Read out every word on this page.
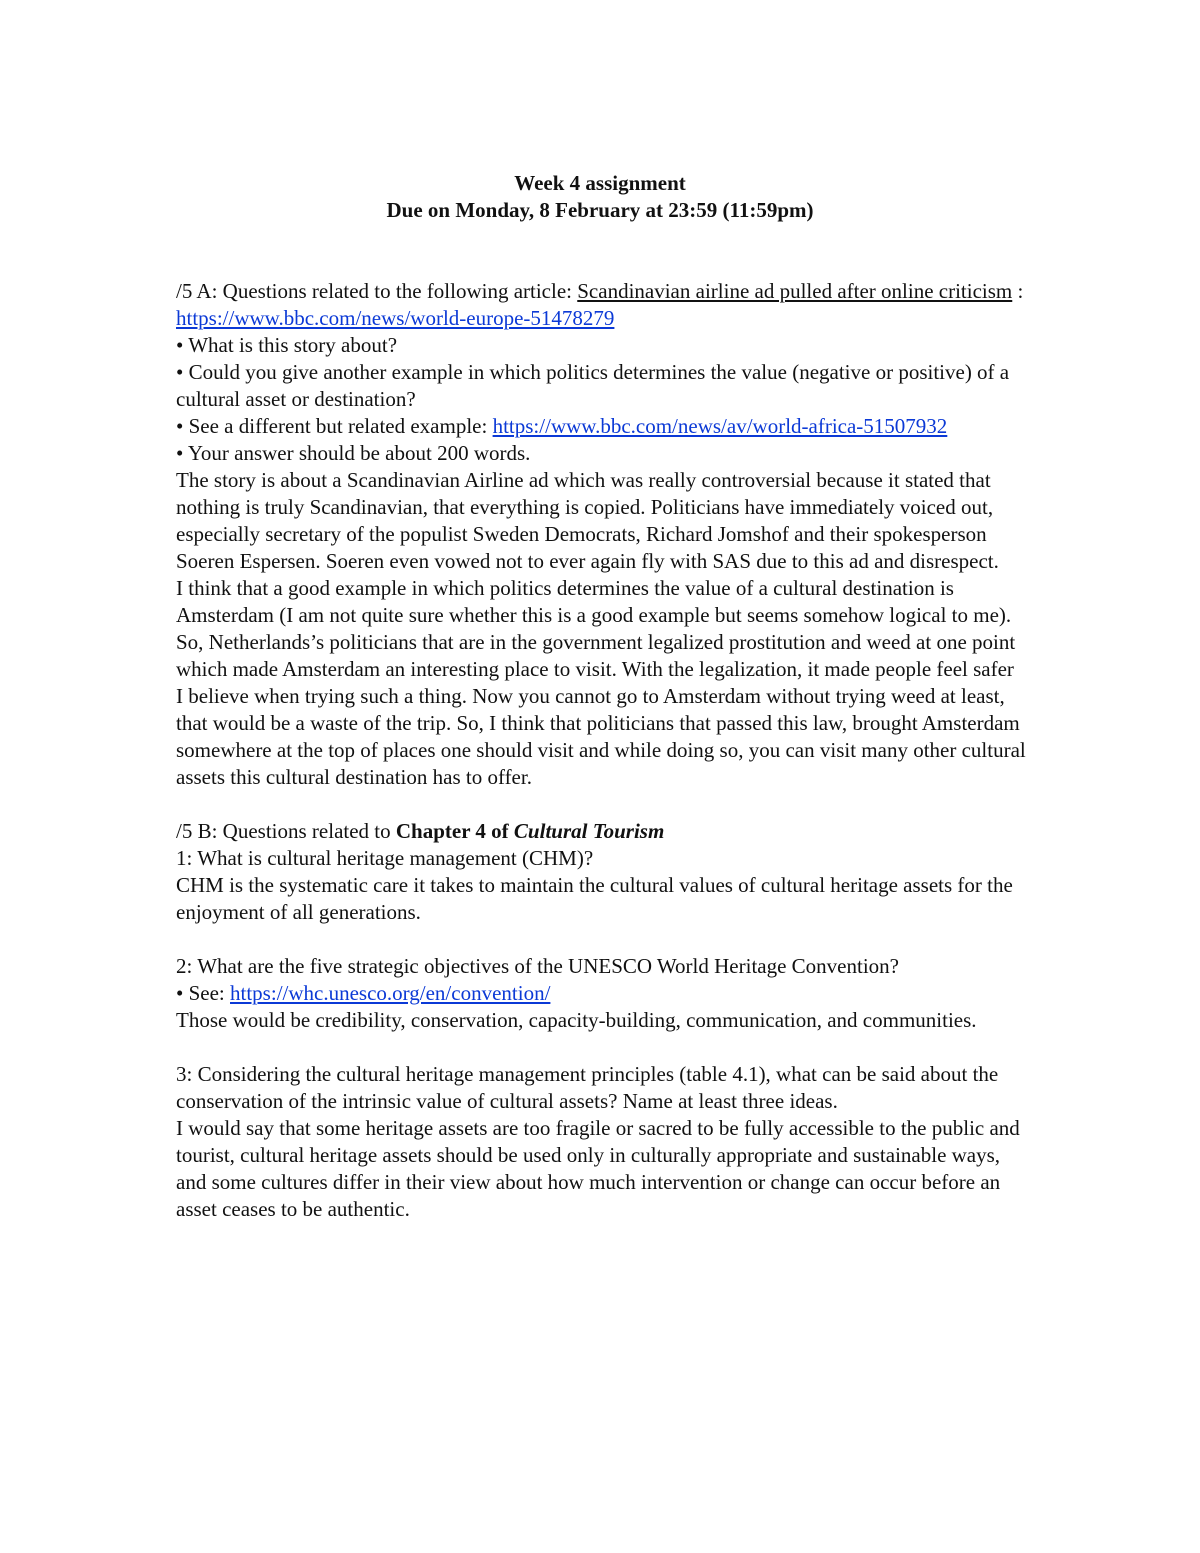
Week 4 assignment
Due on Monday, 8 February at 23:59 (11:59pm)

/5 A: Questions related to the following article: Scandinavian airline ad pulled after online criticism : https://www.bbc.com/news/world-europe-51478279

• What is this story about?

• Could you give another example in which politics determines the value (negative or positive) of a cultural asset or destination?

• See a different but related example: https://www.bbc.com/news/av/world-africa-51507932

• Your answer should be about 200 words.

The story is about a Scandinavian Airline ad which was really controversial because it stated that nothing is truly Scandinavian, that everything is copied. Politicians have immediately voiced out, especially secretary of the populist Sweden Democrats, Richard Jomshof and their spokesperson Soeren Espersen. Soeren even vowed not to ever again fly with SAS due to this ad and disrespect.

I think that a good example in which politics determines the value of a cultural destination is Amsterdam (I am not quite sure whether this is a good example but seems somehow logical to me). So, Netherlands’s politicians that are in the government legalized prostitution and weed at one point which made Amsterdam an interesting place to visit. With the legalization, it made people feel safer I believe when trying such a thing. Now you cannot go to Amsterdam without trying weed at least, that would be a waste of the trip. So, I think that politicians that passed this law, brought Amsterdam somewhere at the top of places one should visit and while doing so, you can visit many other cultural assets this cultural destination has to offer.

/5 B: Questions related to Chapter 4 of Cultural Tourism

1: What is cultural heritage management (CHM)?

CHM is the systematic care it takes to maintain the cultural values of cultural heritage assets for the enjoyment of all generations.

2: What are the five strategic objectives of the UNESCO World Heritage Convention?

• See: https://whc.unesco.org/en/convention/

Those would be credibility, conservation, capacity-building, communication, and communities.

3: Considering the cultural heritage management principles (table 4.1), what can be said about the conservation of the intrinsic value of cultural assets? Name at least three ideas.

I would say that some heritage assets are too fragile or sacred to be fully accessible to the public and tourist, cultural heritage assets should be used only in culturally appropriate and sustainable ways, and some cultures differ in their view about how much intervention or change can occur before an asset ceases to be authentic.
